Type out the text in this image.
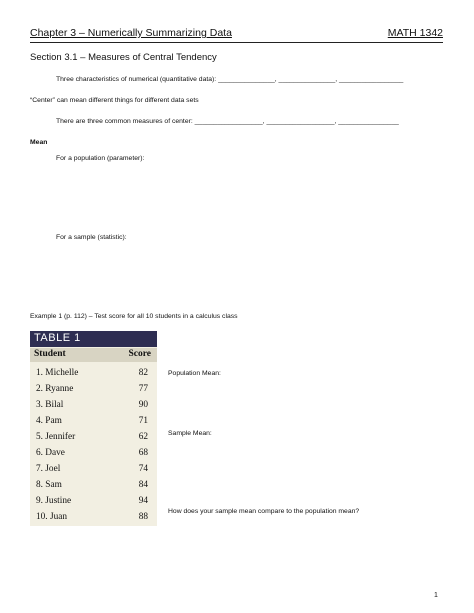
Chapter 3 – Numerically Summarizing Data	MATH 1342
Section 3.1 – Measures of Central Tendency
Three characteristics of numerical (quantitative data): _______________, _______________, _________________
“Center” can mean different things for different data sets
There are three common measures of center: __________________, __________________, ________________
Mean
For a population (parameter):
For a sample (statistic):
Example 1 (p. 112) – Test score for all 10 students in a calculus class
TABLE 1
Student	Score
1. Michelle	82
2. Ryanne	77
3. Bilal	90
4. Pam	71
5. Jennifer	62
6. Dave	68
7. Joel	74
8. Sam	84
9. Justine	94
10. Juan	88
Population Mean:
Sample Mean:
How does your sample mean compare to the population mean?
1
